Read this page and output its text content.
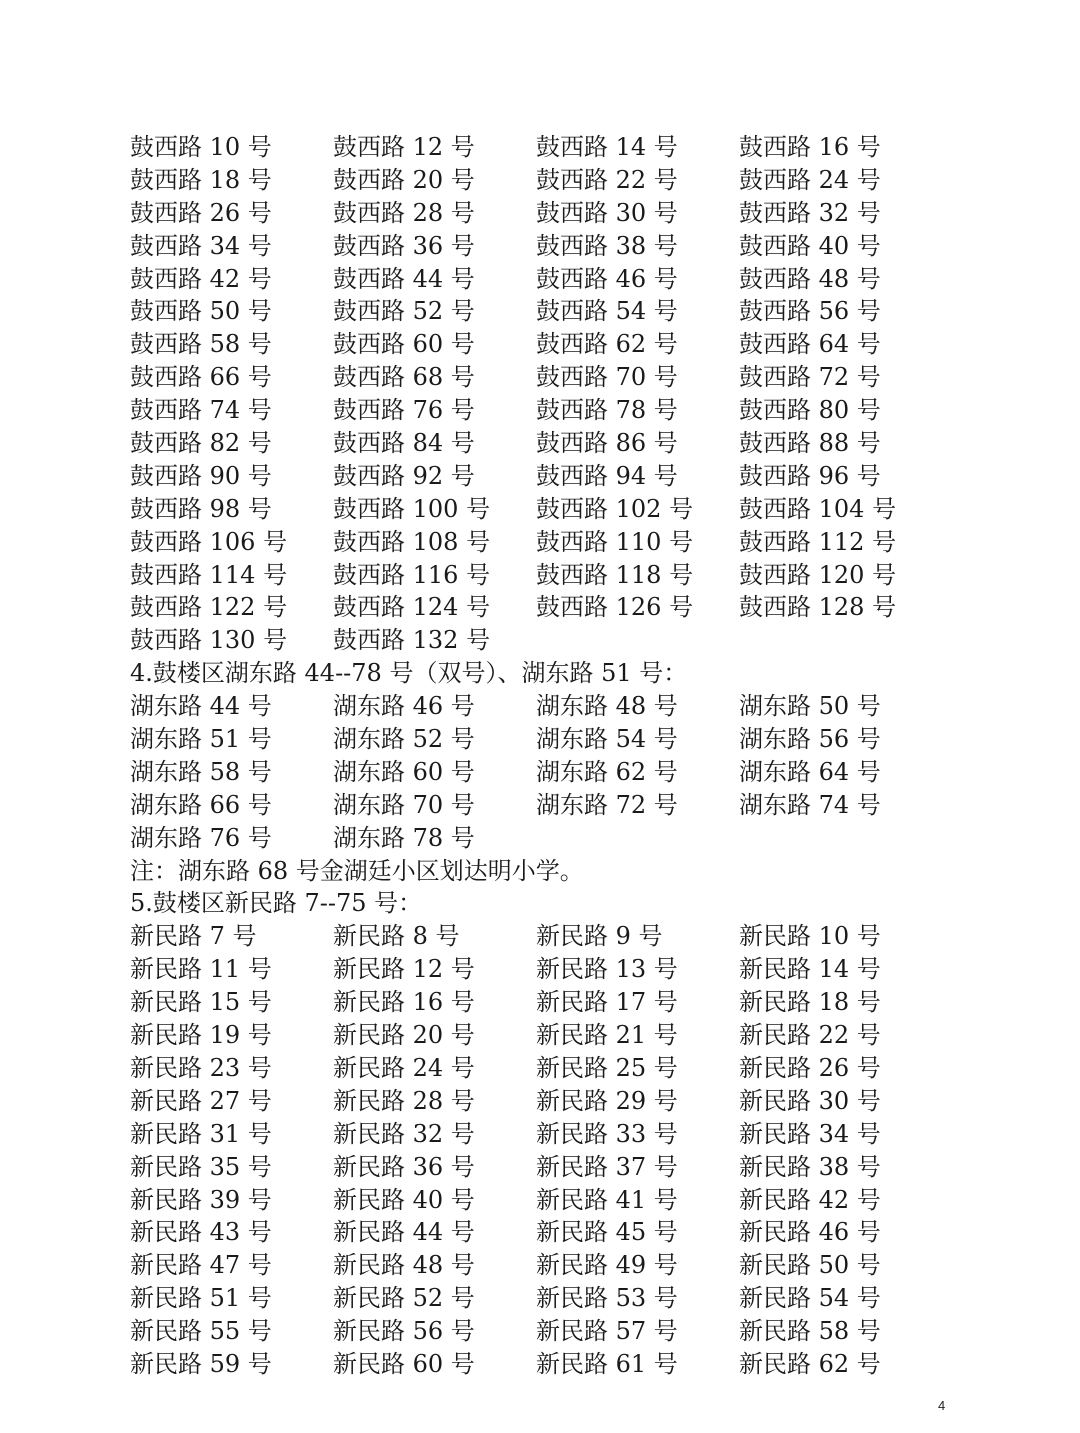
鼓西路 10 号	鼓西路 12 号	鼓西路 14 号	鼓西路 16 号
鼓西路 18 号	鼓西路 20 号	鼓西路 22 号	鼓西路 24 号
鼓西路 26 号	鼓西路 28 号	鼓西路 30 号	鼓西路 32 号
鼓西路 34 号	鼓西路 36 号	鼓西路 38 号	鼓西路 40 号
鼓西路 42 号	鼓西路 44 号	鼓西路 46 号	鼓西路 48 号
鼓西路 50 号	鼓西路 52 号	鼓西路 54 号	鼓西路 56 号
鼓西路 58 号	鼓西路 60 号	鼓西路 62 号	鼓西路 64 号
鼓西路 66 号	鼓西路 68 号	鼓西路 70 号	鼓西路 72 号
鼓西路 74 号	鼓西路 76 号	鼓西路 78 号	鼓西路 80 号
鼓西路 82 号	鼓西路 84 号	鼓西路 86 号	鼓西路 88 号
鼓西路 90 号	鼓西路 92 号	鼓西路 94 号	鼓西路 96 号
鼓西路 98 号	鼓西路 100 号	鼓西路 102 号	鼓西路 104 号
鼓西路 106 号	鼓西路 108 号	鼓西路 110 号	鼓西路 112 号
鼓西路 114 号	鼓西路 116 号	鼓西路 118 号	鼓西路 120 号
鼓西路 122 号	鼓西路 124 号	鼓西路 126 号	鼓西路 128 号
鼓西路 130 号	鼓西路 132 号
4.鼓楼区湖东路 44--78 号（双号）、湖东路 51 号：
湖东路 44 号	湖东路 46 号	湖东路 48 号	湖东路 50 号
湖东路 51 号	湖东路 52 号	湖东路 54 号	湖东路 56 号
湖东路 58 号	湖东路 60 号	湖东路 62 号	湖东路 64 号
湖东路 66 号	湖东路 70 号	湖东路 72 号	湖东路 74 号
湖东路 76 号	湖东路 78 号
注：湖东路 68 号金湖廷小区划达明小学。
5.鼓楼区新民路 7--75 号：
新民路 7 号	新民路 8 号	新民路 9 号	新民路 10 号
新民路 11 号	新民路 12 号	新民路 13 号	新民路 14 号
新民路 15 号	新民路 16 号	新民路 17 号	新民路 18 号
新民路 19 号	新民路 20 号	新民路 21 号	新民路 22 号
新民路 23 号	新民路 24 号	新民路 25 号	新民路 26 号
新民路 27 号	新民路 28 号	新民路 29 号	新民路 30 号
新民路 31 号	新民路 32 号	新民路 33 号	新民路 34 号
新民路 35 号	新民路 36 号	新民路 37 号	新民路 38 号
新民路 39 号	新民路 40 号	新民路 41 号	新民路 42 号
新民路 43 号	新民路 44 号	新民路 45 号	新民路 46 号
新民路 47 号	新民路 48 号	新民路 49 号	新民路 50 号
新民路 51 号	新民路 52 号	新民路 53 号	新民路 54 号
新民路 55 号	新民路 56 号	新民路 57 号	新民路 58 号
新民路 59 号	新民路 60 号	新民路 61 号	新民路 62 号
4
